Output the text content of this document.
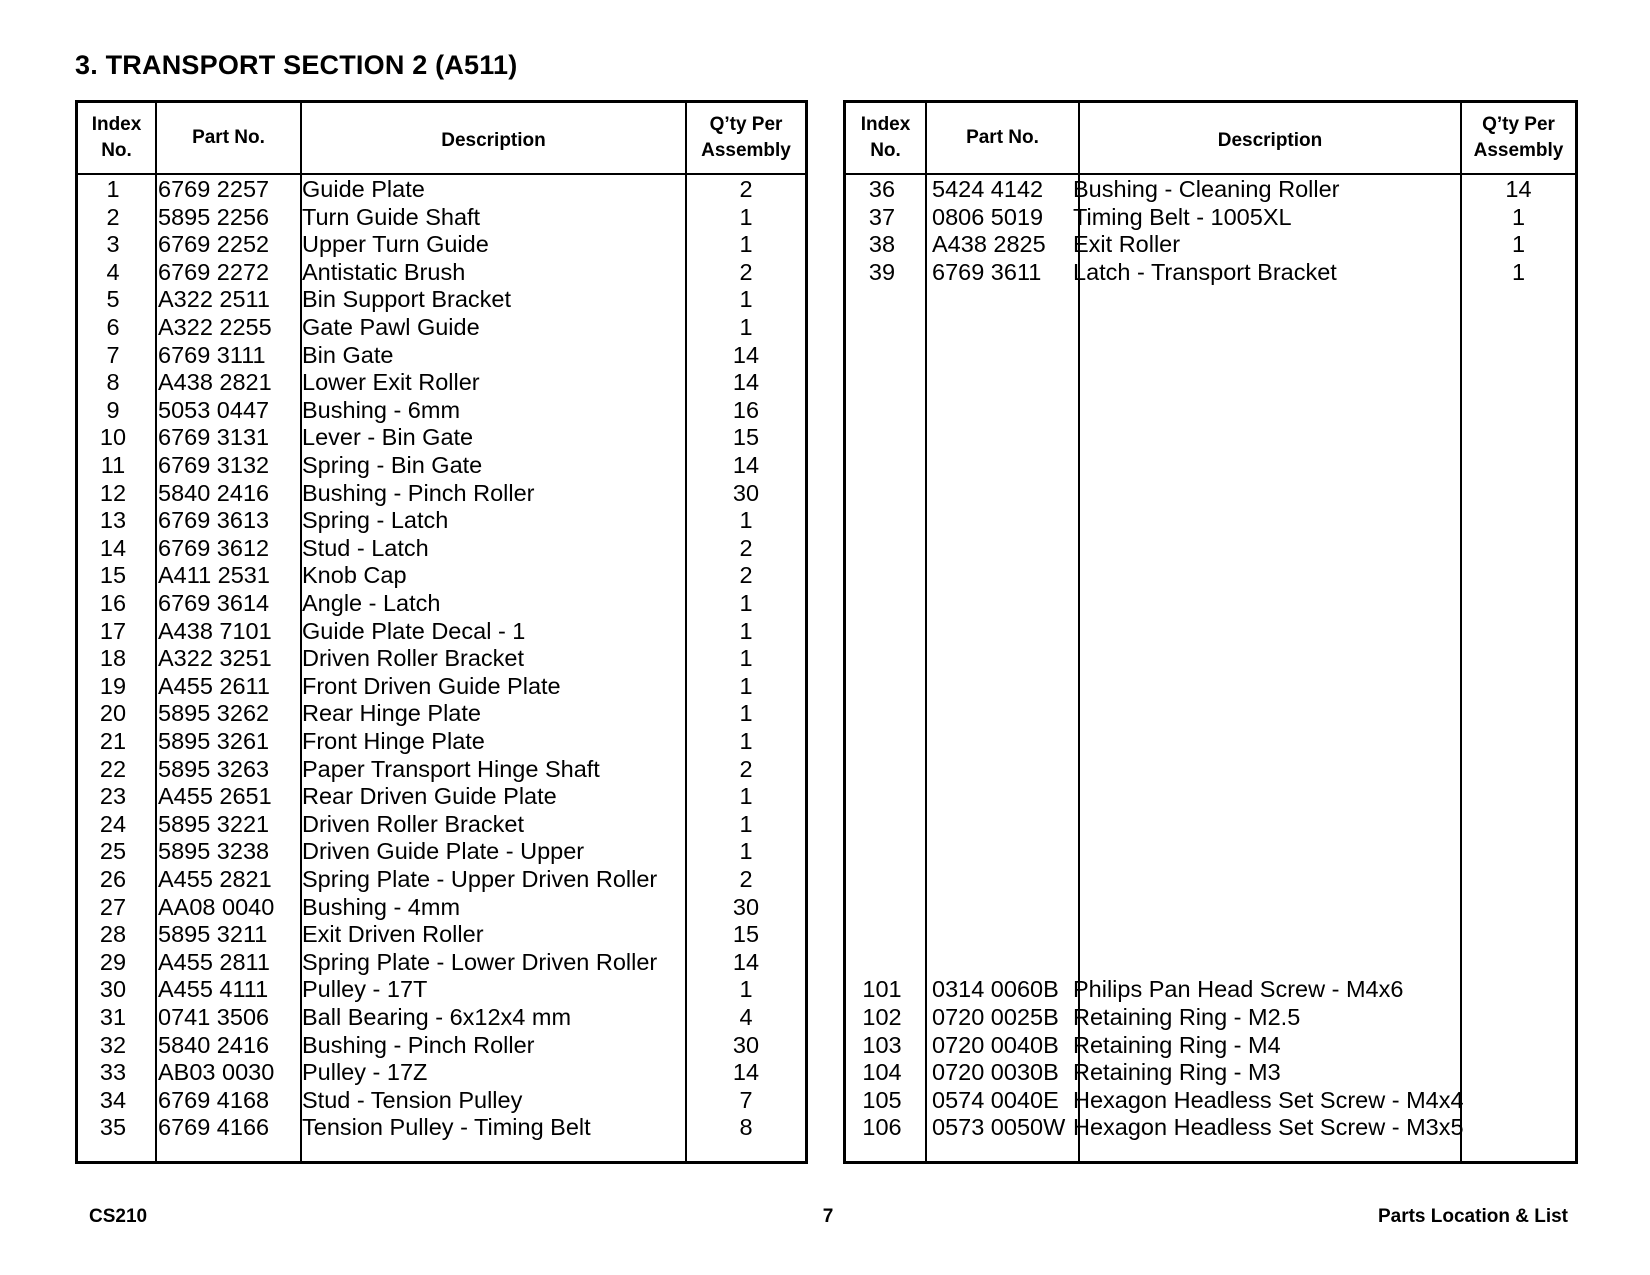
3. TRANSPORT SECTION 2 (A511)
Index
No.
Part No.	Description
Q’ty Per
Assembly
1	6769 2257 Guide Plate	2
2	5895 2256 Turn Guide Shaft	1
3	6769 2252 Upper Turn Guide	1
4	6769 2272 Antistatic Brush	2
5	A322 2511 Bin Support Bracket	1
6	A322 2255 Gate Pawl Guide	1
7	6769 3111 Bin Gate	14
8	A438 2821 Lower Exit Roller	14
9	5053 0447 Bushing - 6mm	16
10	6769 3131 Lever - Bin Gate	15
11	6769 3132 Spring - Bin Gate	14
12	5840 2416 Bushing - Pinch Roller	30
13	6769 3613 Spring - Latch	1
14	6769 3612 Stud - Latch	2
15	A411 2531 Knob Cap	2
16	6769 3614 Angle - Latch	1
17	A438 7101 Guide Plate Decal - 1	1
18	A322 3251 Driven Roller Bracket	1
19	A455 2611 Front Driven Guide Plate	1
20	5895 3262 Rear Hinge Plate	1
21	5895 3261 Front Hinge Plate	1
22	5895 3263 Paper Transport Hinge Shaft	2
23	A455 2651 Rear Driven Guide Plate	1
24	5895 3221 Driven Roller Bracket	1
25	5895 3238 Driven Guide Plate - Upper	1
26	A455 2821 Spring Plate - Upper Driven Roller	2
27	AA08 0040 Bushing - 4mm	30
28	5895 3211 Exit Driven Roller	15
29	A455 2811 Spring Plate - Lower Driven Roller	14
30	A455 4111 Pulley - 17T	1
31	0741 3506 Ball Bearing - 6x12x4 mm	4
32	5840 2416 Bushing - Pinch Roller	30
33	AB03 0030 Pulley - 17Z	14
34	6769 4168 Stud - Tension Pulley	7
35	6769 4166 Tension Pulley - Timing Belt	8
Index
No.
Part No.	Description
Q’ty Per
Assembly
36	5424 4142 Bushing - Cleaning Roller	14
37	0806 5019 Timing Belt - 1005XL	1
38	A438 2825 Exit Roller	1
39	6769 3611 Latch - Transport Bracket	1
101	0314 0060B Philips Pan Head Screw - M4x6
102	0720 0025B Retaining Ring - M2.5
103	0720 0040B Retaining Ring - M4
104	0720 0030B Retaining Ring - M3
105	0574 0040E Hexagon Headless Set Screw - M4x4
106	0573 0050W Hexagon Headless Set Screw - M3x5
CS210	7	Parts Location & List
